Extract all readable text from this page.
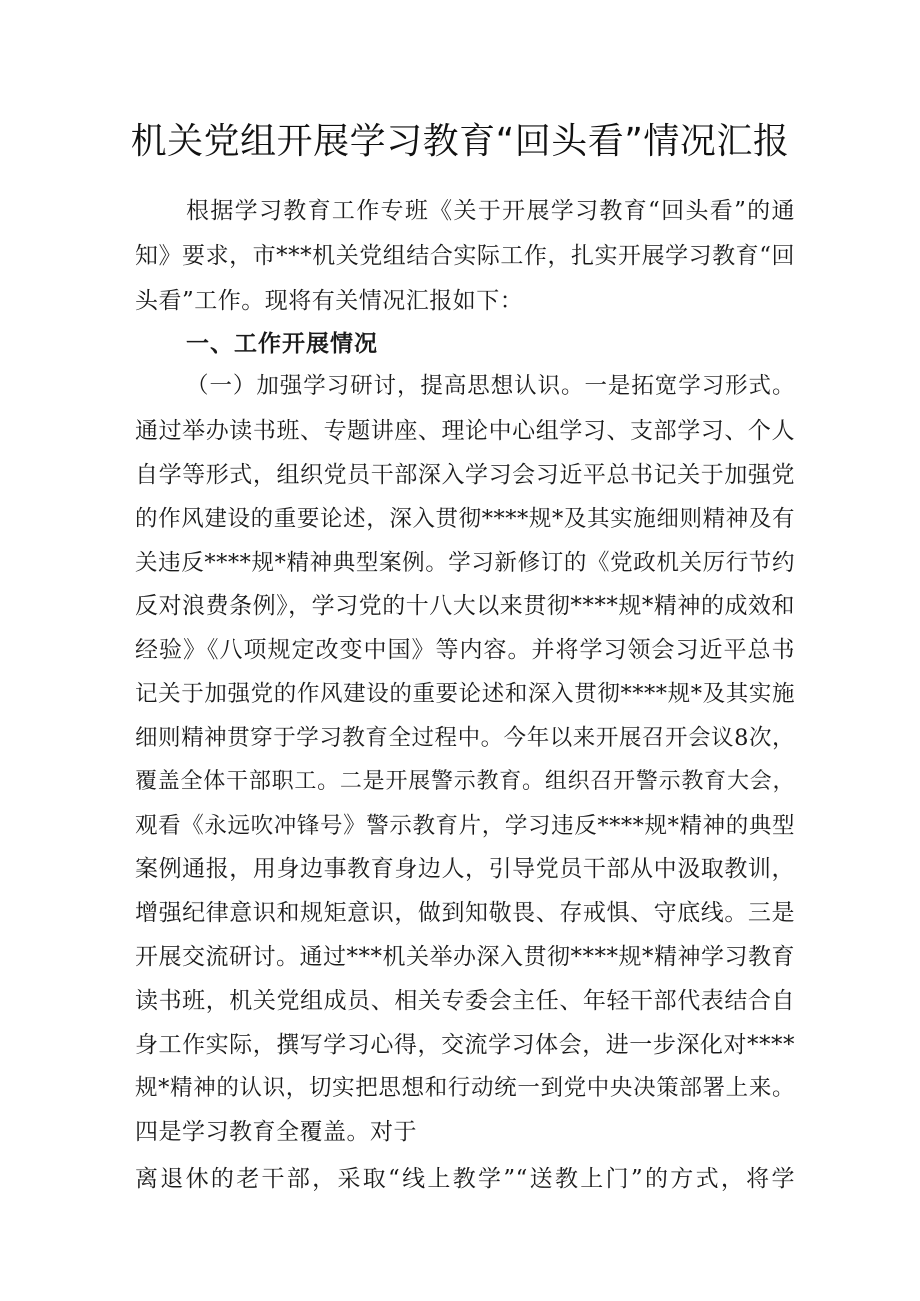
机关党组开展学习教育“回头看”情况汇报
根据学习教育工作专班《关于开展学习教育“回头看”的通
知》要求，市***机关党组结合实际工作，扎实开展学习教育“回
头看”工作。现将有关情况汇报如下：
一、工作开展情况
（一）加强学习研讨，提高思想认识。一是拓宽学习形式。
通过举办读书班、专题讲座、理论中心组学习、支部学习、个人
自学等形式，组织党员干部深入学习会习近平总书记关于加强党
的作风建设的重要论述，深入贯彻****规*及其实施细则精神及有
关违反****规*精神典型案例。学习新修订的《党政机关厉行节约
反对浪费条例》，学习党的十八大以来贯彻****规*精神的成效和
经验》《八项规定改变中国》等内容。并将学习领会习近平总书
记关于加强党的作风建设的重要论述和深入贯彻****规*及其实施
细则精神贯穿于学习教育全过程中。今年以来开展召开会议8次，
覆盖全体干部职工。二是开展警示教育。组织召开警示教育大会，
观看《永远吹冲锋号》警示教育片，学习违反****规*精神的典型
案例通报，用身边事教育身边人，引导党员干部从中汲取教训，
增强纪律意识和规矩意识，做到知敬畏、存戒惧、守底线。三是
开展交流研讨。通过***机关举办深入贯彻****规*精神学习教育
读书班，机关党组成员、相关专委会主任、年轻干部代表结合自
身工作实际，撰写学习心得，交流学习体会，进一步深化对****
规*精神的认识，切实把思想和行动统一到党中央决策部署上来。
四是学习教育全覆盖。对于
离退休的老干部，采取“线上教学”“送教上门”的方式，将学
